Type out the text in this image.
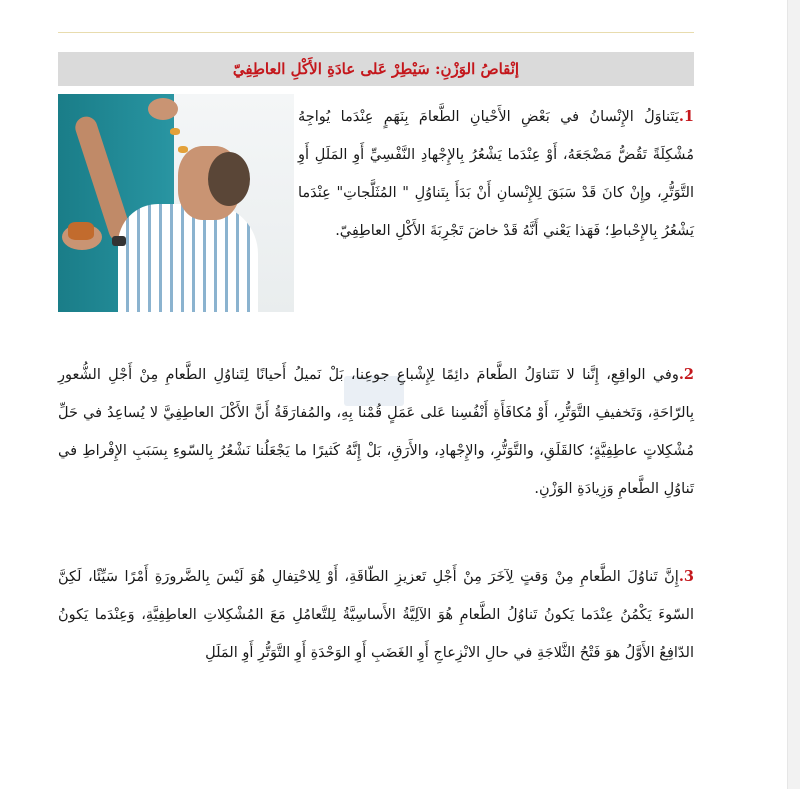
إنْقاصُ الوَزْنِ: سَيْطِرْ عَلى عادَةِ الأَكْلِ العاطِفِيّ

1.يَتَناوَلُ الإِنْسانُ في بَعْضِ الأَحْيانِ الطَّعامَ بِنَهَمٍ عِنْدَما يُواجِهُ مُشْكِلَةً تَقُضُّ مَضْجَعَهُ، أَوْ عِنْدَما يَشْعُرُ بِالإِجْهادِ النَّفْسِيِّ أَوِ المَلَلِ أَوِ التَّوَتُّرِ، وإِنْ كانَ قَدْ سَبَقَ لِلإِنْسانِ أَنْ بَدَأَ بِتَناوُلِ " المُثَلَّجاتِ" عِنْدَما يَشْعُرُ بِالإِحْباطِ؛ فَهَذا يَعْني أَنَّهُ قَدْ خاضَ تَجْرِبَةَ الأَكْلِ العاطِفِيّ.

2.وفي الواقِعِ، إِنَّنا لا نَتَناوَلُ الطَّعامَ دائِمًا لِإِشْباعِ جوعِنا، بَلْ نَميلُ أَحيانًا لِتَناوُلِ الطَّعامِ مِنْ أَجْلِ الشُّعورِ بِالرّاحَةِ، وَتَخفيفِ التَّوَتُّرِ، أَوْ مُكافَأَةِ أَنْفُسِنا عَلى عَمَلٍ قُمْنا بِهِ، والمُفارَقَةُ أَنَّ الأَكْلَ العاطِفِيَّ لا يُساعِدُ في حَلِّ مُشْكِلاتٍ عاطِفِيَّةٍ؛ كالقَلَقِ، والتَّوَتُّرِ، والإِجْهادِ، والأَرَقِ، بَلْ إِنَّهُ كَثيرًا ما يَجْعَلُنا نَشْعُرُ بِالسّوءِ بِسَبَبِ الإِفْراطِ في تَناوُلِ الطَّعامِ وَزِيادَةِ الوَزْنِ.

3.إِنَّ تَناوُلَ الطَّعامِ مِنْ وَقتٍ لِآخَرَ مِنْ أَجْلِ تَعزيزِ الطّاقَةِ، أَوْ لِلاحْتِفالِ هُوَ لَيْسَ بِالضَّرورَةِ أَمْرًا سَيِّئًا، لَكِنَّ السّوءَ يَكْمُنُ عِنْدَما يَكونُ تَناوُلُ الطَّعامِ هُوَ الآلِيَّةُ الأَساسِيَّةُ لِلتَّعامُلِ مَعَ المُشْكِلاتِ العاطِفِيَّةِ، وَعِنْدَما يَكونُ الدّافِعُ الأَوَّلُ هوَ فَتْحُ الثَّلاجَةِ في حالِ الانْزِعاجِ أَوِ الغَضَبِ أَوِ الوَحْدَةِ أَوِ التَّوَتُّرِ أَوِ المَلَلِ
